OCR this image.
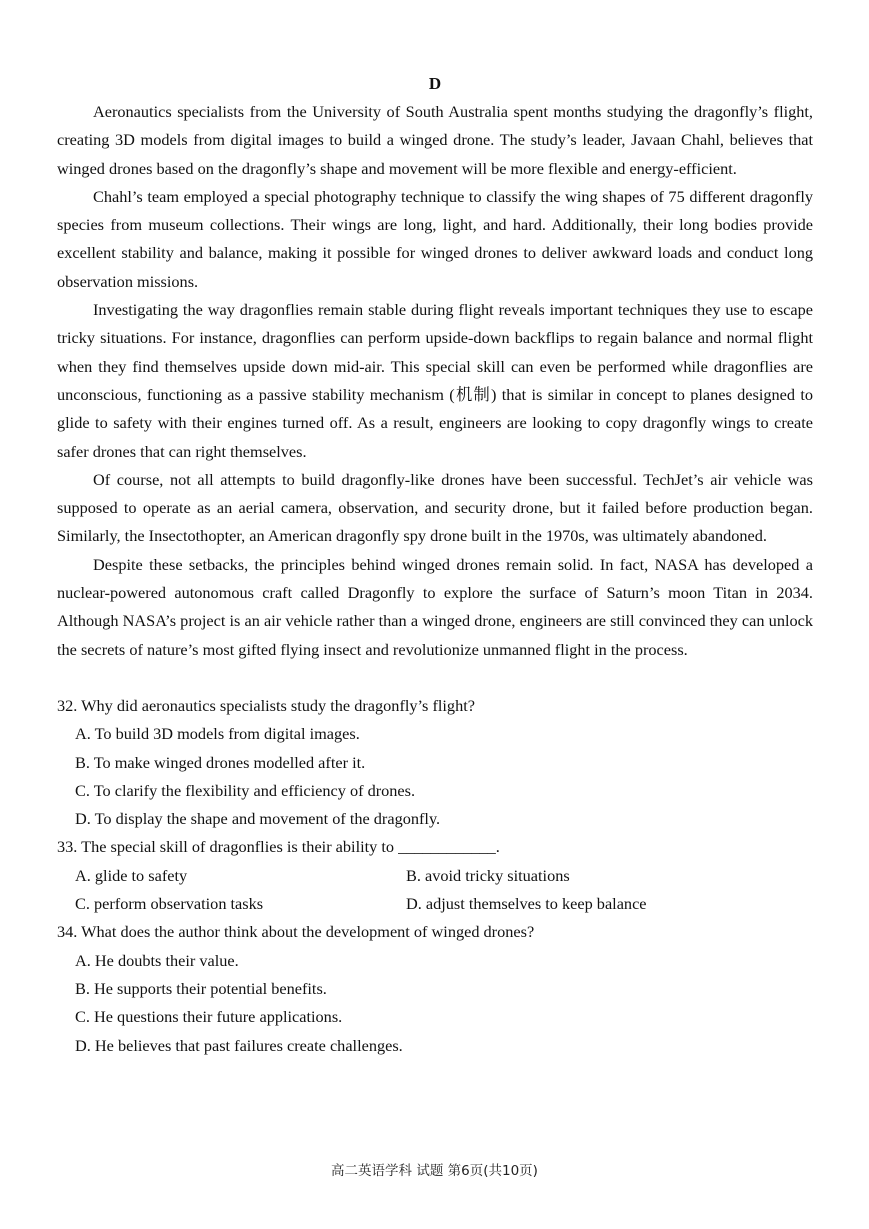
D

Aeronautics specialists from the University of South Australia spent months studying the dragonfly’s flight, creating 3D models from digital images to build a winged drone. The study’s leader, Javaan Chahl, believes that winged drones based on the dragonfly’s shape and movement will be more flexible and energy-efficient.

Chahl’s team employed a special photography technique to classify the wing shapes of 75 different dragonfly species from museum collections. Their wings are long, light, and hard. Additionally, their long bodies provide excellent stability and balance, making it possible for winged drones to deliver awkward loads and conduct long observation missions.

Investigating the way dragonflies remain stable during flight reveals important techniques they use to escape tricky situations. For instance, dragonflies can perform upside-down backflips to regain balance and normal flight when they find themselves upside down mid-air. This special skill can even be performed while dragonflies are unconscious, functioning as a passive stability mechanism (机制) that is similar in concept to planes designed to glide to safety with their engines turned off. As a result, engineers are looking to copy dragonfly wings to create safer drones that can right themselves.

Of course, not all attempts to build dragonfly-like drones have been successful. TechJet’s air vehicle was supposed to operate as an aerial camera, observation, and security drone, but it failed before production began. Similarly, the Insectothopter, an American dragonfly spy drone built in the 1970s, was ultimately abandoned.

Despite these setbacks, the principles behind winged drones remain solid. In fact, NASA has developed a nuclear-powered autonomous craft called Dragonfly to explore the surface of Saturn’s moon Titan in 2034. Although NASA’s project is an air vehicle rather than a winged drone, engineers are still convinced they can unlock the secrets of nature’s most gifted flying insect and revolutionize unmanned flight in the process.

32. Why did aeronautics specialists study the dragonfly’s flight?

A. To build 3D models from digital images.

B. To make winged drones modelled after it.

C. To clarify the flexibility and efficiency of drones.

D. To display the shape and movement of the dragonfly.

33. The special skill of dragonflies is their ability to ____________.

A. glide to safety	B. avoid tricky situations
C. perform observation tasks	D. adjust themselves to keep balance

34. What does the author think about the development of winged drones?

A. He doubts their value.

B. He supports their potential benefits.

C. He questions their future applications.

D. He believes that past failures create challenges.

高二英语学科 试题 第6页(共10页)
